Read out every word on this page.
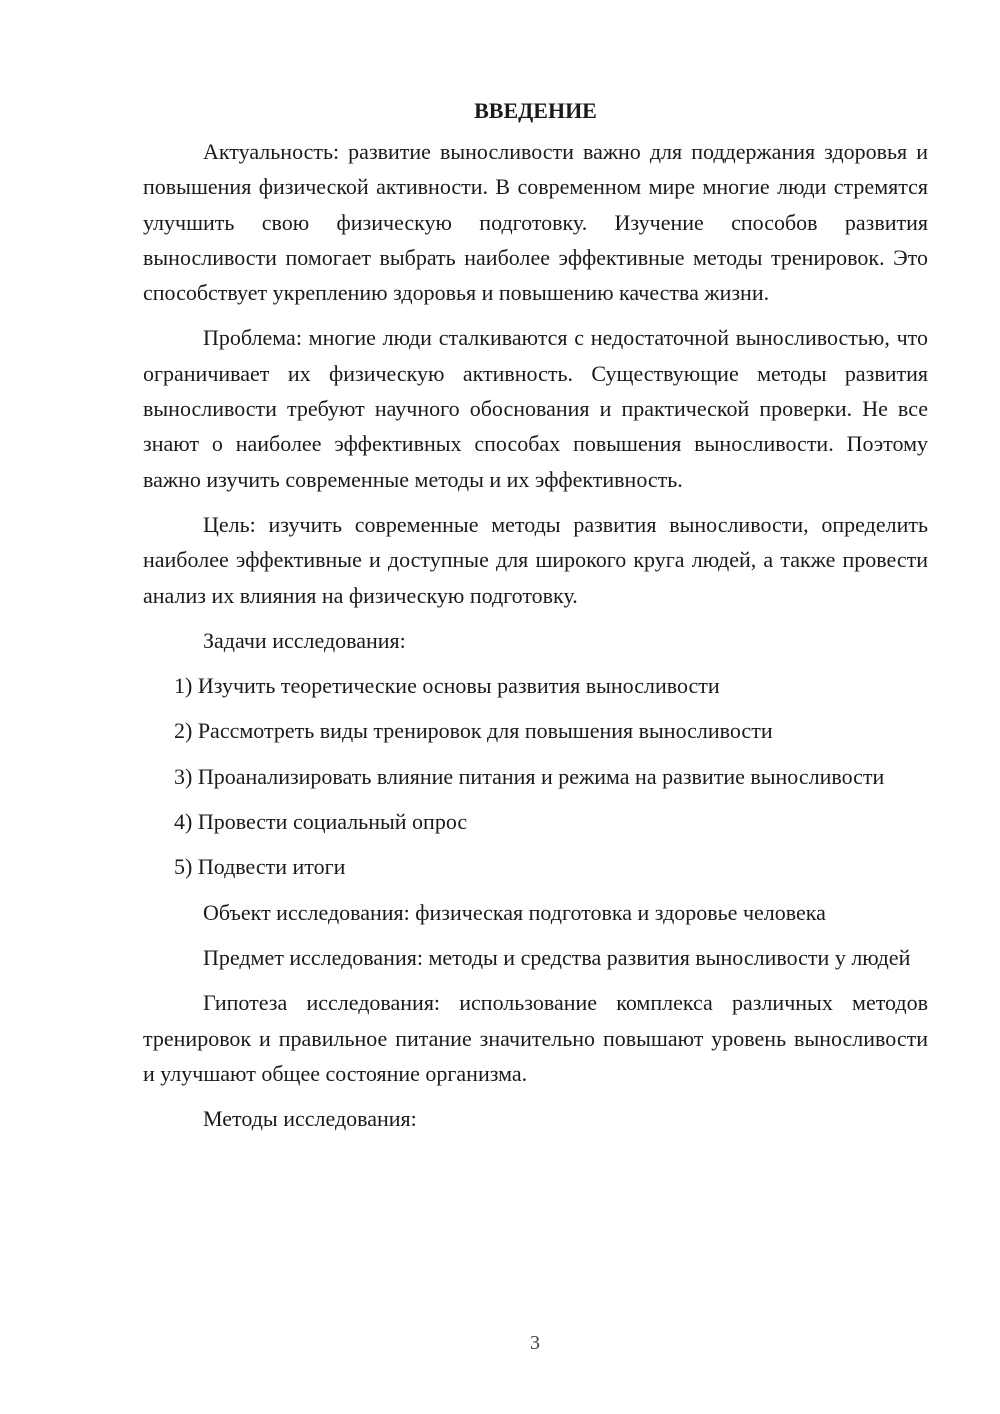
ВВЕДЕНИЕ

Актуальность: развитие выносливости важно для поддержания здоровья и повышения физической активности. В современном мире многие люди стремятся улучшить свою физическую подготовку. Изучение способов развития выносливости помогает выбрать наиболее эффективные методы тренировок. Это способствует укреплению здоровья и повышению качества жизни.

Проблема: многие люди сталкиваются с недостаточной выносливостью, что ограничивает их физическую активность. Существующие методы развития выносливости требуют научного обоснования и практической проверки. Не все знают о наиболее эффективных способах повышения выносливости. Поэтому важно изучить современные методы и их эффективность.

Цель: изучить современные методы развития выносливости, определить наиболее эффективные и доступные для широкого круга людей, а также провести анализ их влияния на физическую подготовку.

Задачи исследования:

1) Изучить теоретические основы развития выносливости

2) Рассмотреть виды тренировок для повышения выносливости

3) Проанализировать влияние питания и режима на развитие выносливости

4) Провести социальный опрос

5) Подвести итоги

Объект исследования: физическая подготовка и здоровье человека

Предмет исследования: методы и средства развития выносливости у людей

Гипотеза исследования: использование комплекса различных методов тренировок и правильное питание значительно повышают уровень выносливости и улучшают общее состояние организма.

Методы исследования:

3
